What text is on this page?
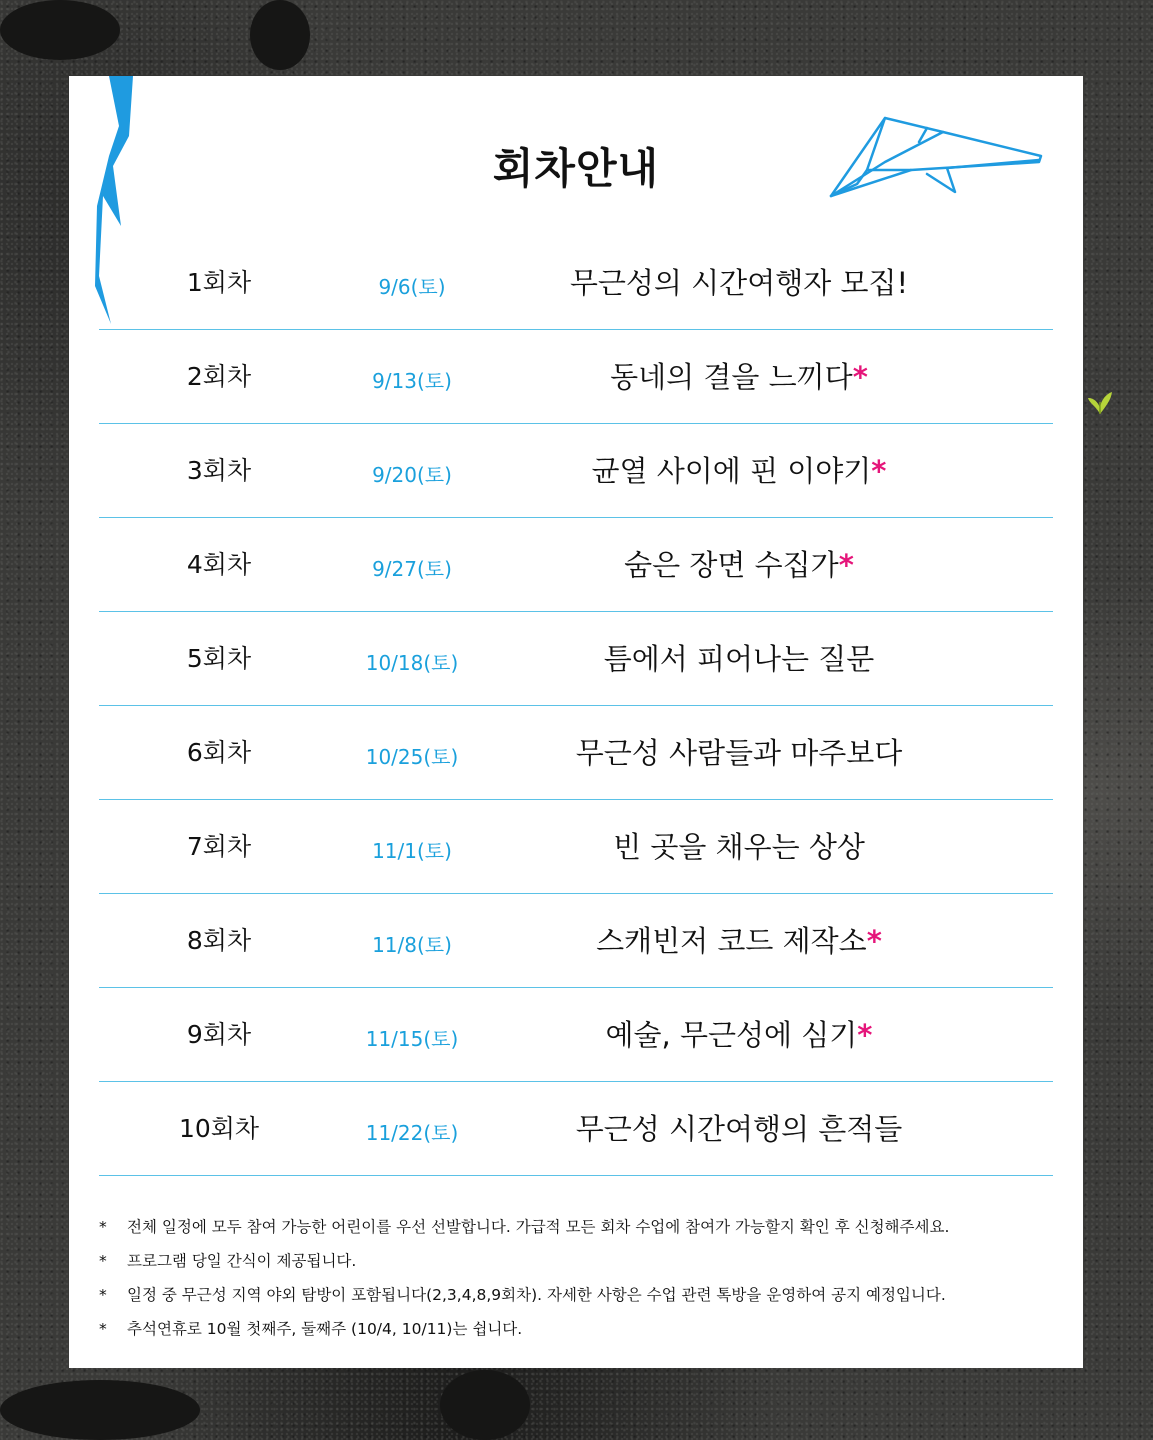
회차안내
1회차	9/6(토)	무근성의 시간여행자 모집!
2회차	9/13(토)	동네의 결을 느끼다*
3회차	9/20(토)	균열 사이에 핀 이야기*
4회차	9/27(토)	숨은 장면 수집가*
5회차	10/18(토)	틈에서 피어나는 질문
6회차	10/25(토)	무근성 사람들과 마주보다
7회차	11/1(토)	빈 곳을 채우는 상상
8회차	11/8(토)	스캐빈저 코드 제작소*
9회차	11/15(토)	예술, 무근성에 심기*
10회차	11/22(토)	무근성 시간여행의 흔적들
* 전체 일정에 모두 참여 가능한 어린이를 우선 선발합니다. 가급적 모든 회차 수업에 참여가 가능할지 확인 후 신청해주세요.
* 프로그램 당일 간식이 제공됩니다.
* 일정 중 무근성 지역 야외 탐방이 포함됩니다(2,3,4,8,9회차). 자세한 사항은 수업 관련 톡방을 운영하여 공지 예정입니다.
* 추석연휴로 10월 첫째주, 둘째주 (10/4, 10/11)는 쉽니다.
